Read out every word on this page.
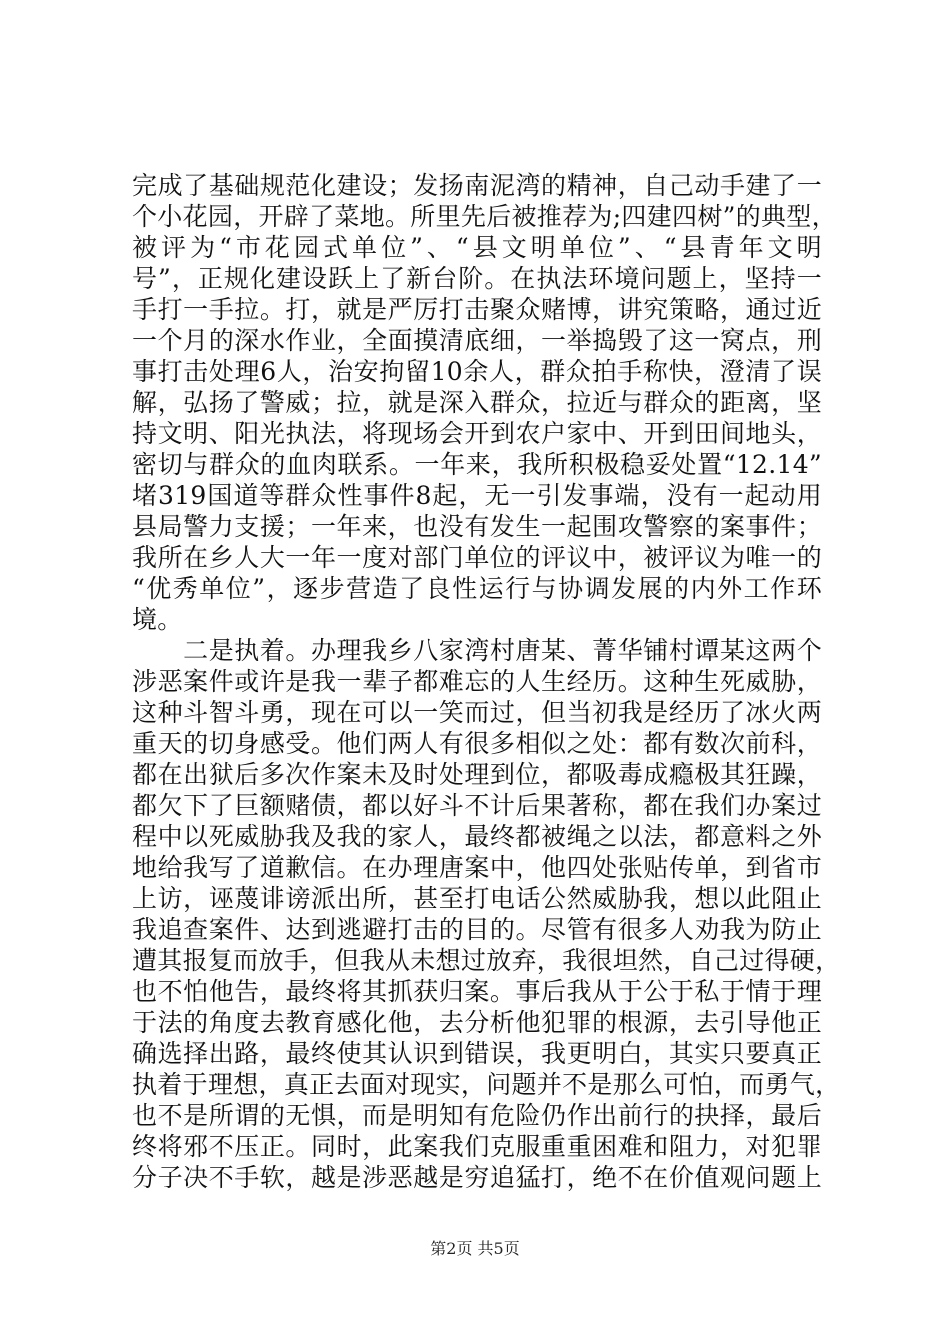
完成了基础规范化建设；发扬南泥湾的精神，自己动手建了一
个小花园，开辟了菜地。所里先后被推荐为;四建四树”的典型，
被评为“市花园式单位”、“县文明单位”、“县青年文明
号”，正规化建设跃上了新台阶。在执法环境问题上，坚持一
手打一手拉。打，就是严厉打击聚众赌博，讲究策略，通过近
一个月的深水作业，全面摸清底细，一举捣毁了这一窝点，刑
事打击处理6人，治安拘留10余人，群众拍手称快，澄清了误
解，弘扬了警威；拉，就是深入群众，拉近与群众的距离，坚
持文明、阳光执法，将现场会开到农户家中、开到田间地头，
密切与群众的血肉联系。一年来，我所积极稳妥处置“12.14”
堵319国道等群众性事件8起，无一引发事端，没有一起动用
县局警力支援；一年来，也没有发生一起围攻警察的案事件；
我所在乡人大一年一度对部门单位的评议中，被评议为唯一的
“优秀单位”，逐步营造了良性运行与协调发展的内外工作环
境。
　　二是执着。办理我乡八家湾村唐某、菁华铺村谭某这两个
涉恶案件或许是我一辈子都难忘的人生经历。这种生死威胁，
这种斗智斗勇，现在可以一笑而过，但当初我是经历了冰火两
重天的切身感受。他们两人有很多相似之处：都有数次前科，
都在出狱后多次作案未及时处理到位，都吸毒成瘾极其狂躁，
都欠下了巨额赌债，都以好斗不计后果著称，都在我们办案过
程中以死威胁我及我的家人，最终都被绳之以法，都意料之外
地给我写了道歉信。在办理唐案中，他四处张贴传单，到省市
上访，诬蔑诽谤派出所，甚至打电话公然威胁我，想以此阻止
我追查案件、达到逃避打击的目的。尽管有很多人劝我为防止
遭其报复而放手，但我从未想过放弃，我很坦然，自己过得硬，
也不怕他告，最终将其抓获归案。事后我从于公于私于情于理
于法的角度去教育感化他，去分析他犯罪的根源，去引导他正
确选择出路，最终使其认识到错误，我更明白，其实只要真正
执着于理想，真正去面对现实，问题并不是那么可怕，而勇气，
也不是所谓的无惧，而是明知有危险仍作出前行的抉择，最后
终将邪不压正。同时，此案我们克服重重困难和阻力，对犯罪
分子决不手软，越是涉恶越是穷追猛打，绝不在价值观问题上
第2页 共5页
